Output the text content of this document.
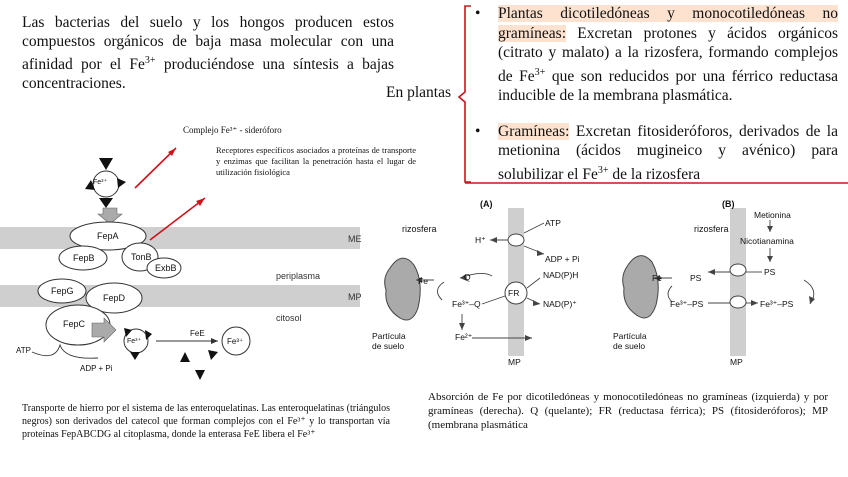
Las bacterias del suelo y los hongos producen estos compuestos orgánicos de baja masa molecular con una afinidad por el $Fe^{3+}$ produciéndose una síntesis a bajas concentraciones.
En plantas
• Plantas dicotiledóneas y monocotiledóneas no gramíneas: Excretan protones y ácidos orgánicos (citrato y malato) a la rizosfera, formando complejos de $Fe^{3+}$ que son reducidos por una férrico reductasa inducible de la membrana plasmática.
• Gramíneas: Excretan fitosideróforos, derivados de la metionina (ácidos mugineico y avénico) para solubilizar el $Fe^{3+}$ de la rizosfera
Complejo Fe³⁺ - sideróforo
Receptores específicos asociados a proteínas de transporte y enzimas que facilitan la penetración hasta el lugar de utilización fisiológica
Fe³⁺
FepA
FepB	TonB
ExbB
FepG
FepD
FepC
Fe³⁺
FeE
Fe³⁺
ATP
ADP + Pi
ME
MP
periplasma
citosol
Transporte de hierro por el sistema de las enteroquelatinas. Las enteroquelatinas (triángulos negros) son derivados del catecol que forman complejos con el Fe³⁺ y lo transportan vía proteínas FepABCDG al citoplasma, donde la enterasa FeE libera el Fe³⁺
(A)
rizosfera
ATP
H⁺
ADP + Pi
Fe	Q
FR
NAD(P)H
Fe³⁺–Q	NAD(P)⁺
Fe²⁺
Partícula
de suelo
MP
(B)
rizosfera
Metionina
Nicotianamina
Fe	PS
PS
Fe³⁺–PS	Fe³⁺–PS
Partícula
de suelo
MP
Absorción de Fe por dicotiledóneas y monocotiledóneas no gramíneas (izquierda) y por gramíneas (derecha). Q (quelante); FR (reductasa férrica); PS (fitosideróforos); MP (membrana plasmática
